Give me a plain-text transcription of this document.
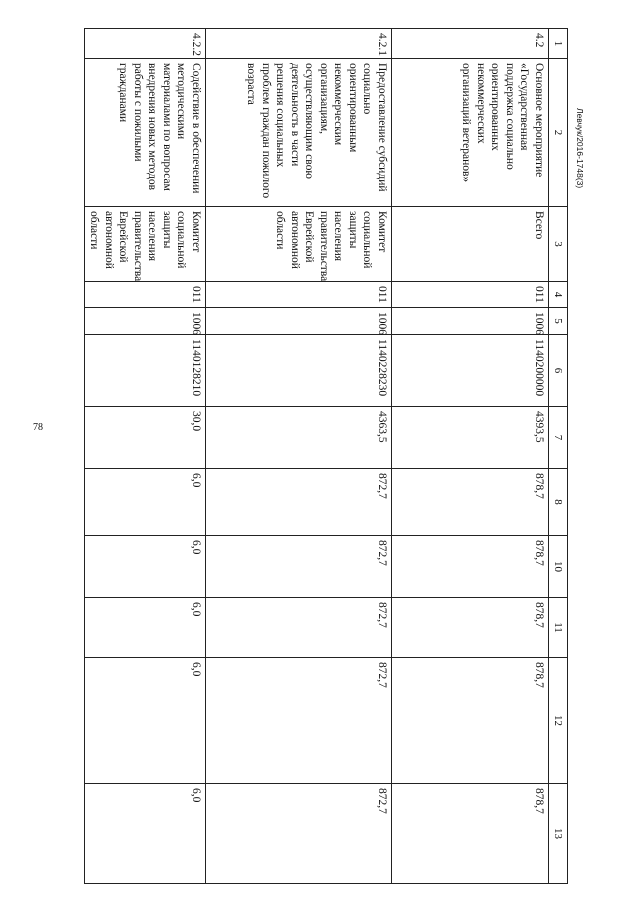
78
Левчук/2016-1748(3)
1	2	3	4	5	6	7	8	10	11	12	13
4.2	Основное мероприятие «Государственная поддержка социально ориентированных некоммерческих организаций ветеранов»	Всего	011	1006	1140200000	4393,5	878,7	878,7	878,7	878,7	878,7
4.2.1	Предоставление субсидий социально ориентированным некоммерческим организациям, осуществляющим свою деятельность в части решения социальных проблем граждан пожилого возраста	Комитет социальной защиты населения правительства Еврейской автономной области	011	1006	1140228230	4363,5	872,7	872,7	872,7	872,7	872,7
4.2.2	Содействие в обеспечении методическими материалами по вопросам внедрения новых методов работы с пожилыми гражданами	Комитет социальной защиты населения правительства Еврейской автономной области	011	1006	1140128210	30,0	6,0	6,0	6,0	6,0	6,0
